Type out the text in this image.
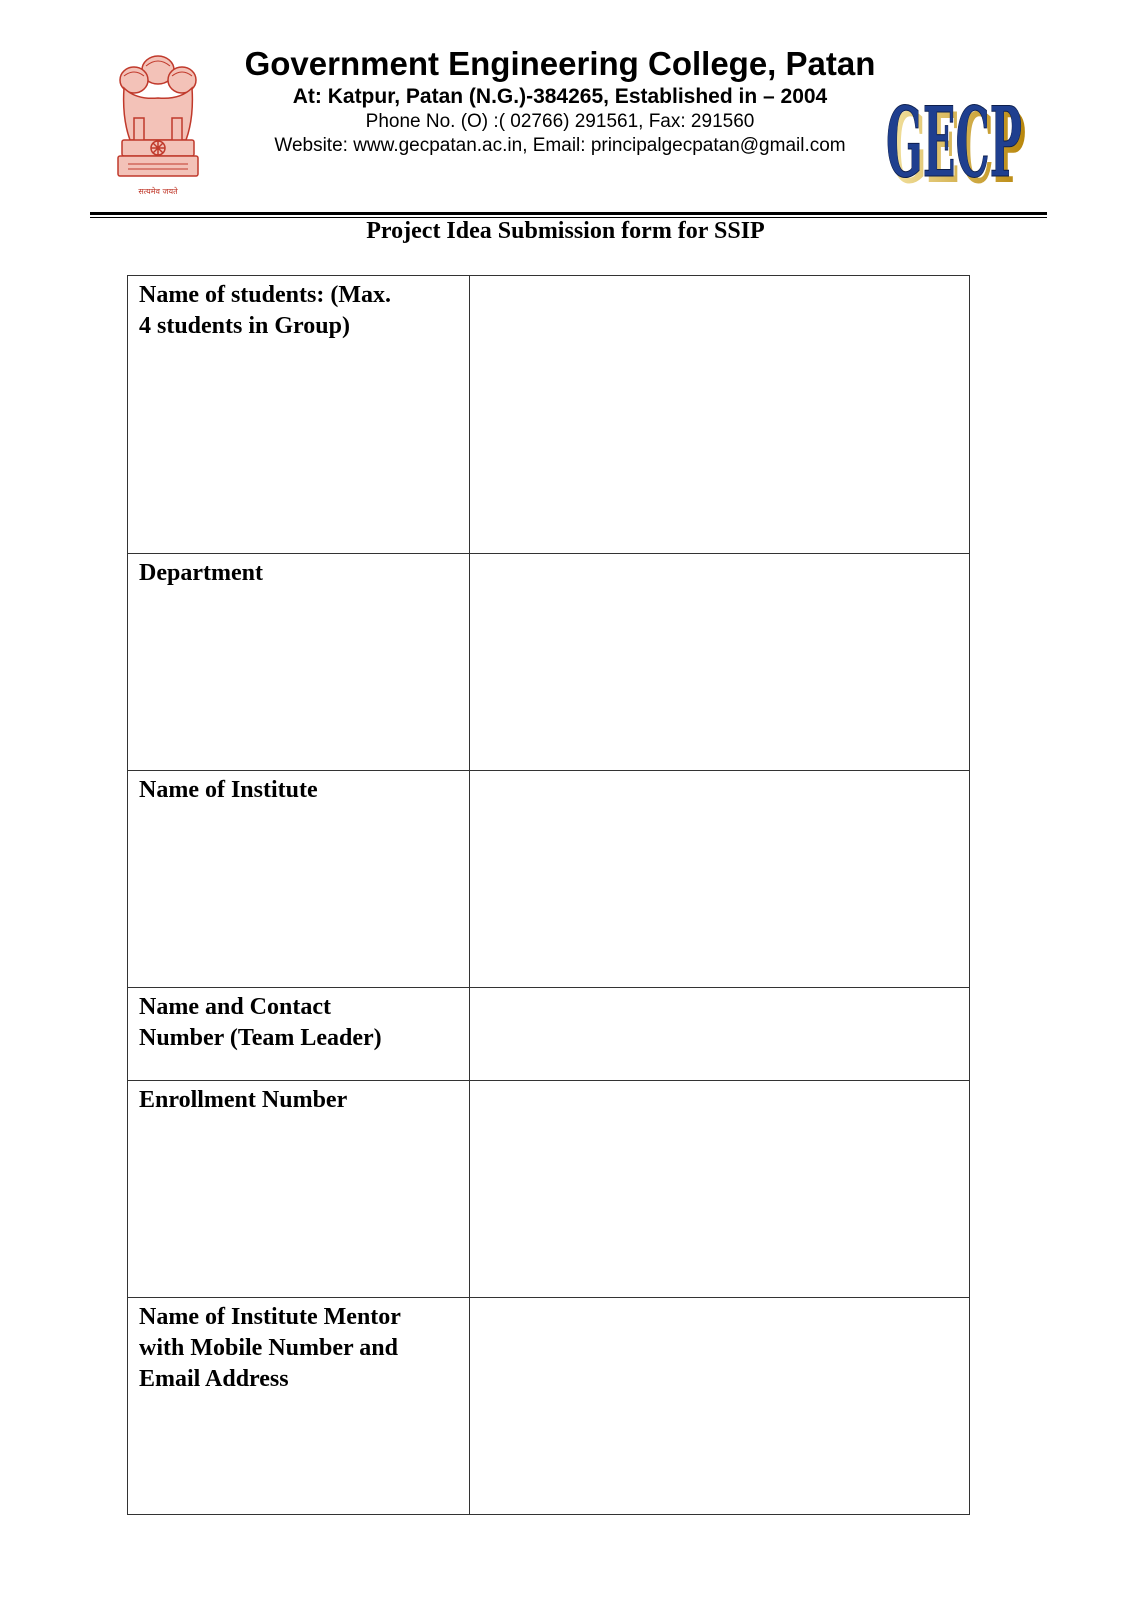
सत्यमेव जयते
Government Engineering College, Patan
At: Katpur, Patan (N.G.)-384265, Established in – 2004
Phone No. (O) :( 02766) 291561, Fax: 291560
Website: www.gecpatan.ac.in, Email: principalgecpatan@gmail.com GECP
GECP
Project Idea Submission form for SSIP
Name of students: (Max.
4 students in Group)	

Department	

Name of Institute	

Name and Contact
Number (Team Leader)	

Enrollment Number	

Name of Institute Mentor
with Mobile Number and
Email Address	
